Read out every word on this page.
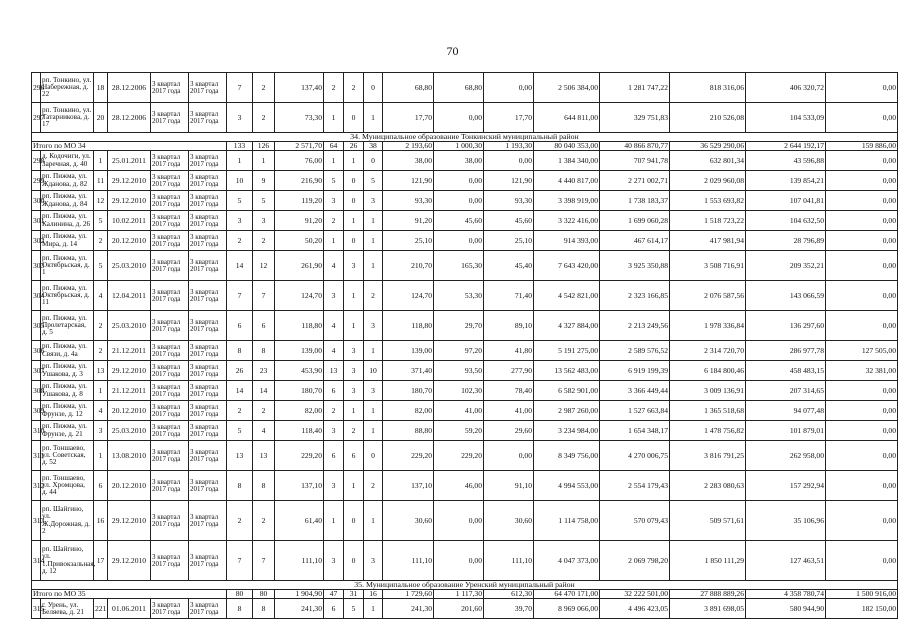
70
296	рп. Тонкино, ул. Набережная, д. 22	18	28.12.2006	3 квартал 2017 года	3 квартал 2017 года	7	2	137,40	2	2	0	68,80	68,80	0,00	2 506 384,00	1 281 747,22	818 316,06	406 320,72	0,00
297	рп. Тонкино, ул. Татарникова, д. 17	20	28.12.2006	3 квартал 2017 года	3 квартал 2017 года	3	2	73,30	1	0	1	17,70	0,00	17,70	644 811,00	329 751,83	210 526,08	104 533,09	0,00
34. Муниципальное образование Тонкинский муниципальный район																			
Итого по МО 34						133	126	2 571,70	64	26	38	2 193,60	1 000,30	1 193,30	80 040 353,00	40 866 870,77	36 529 290,06	2 644 192,17	159 886,00
298	д. Кодочиги, ул. Заречная, д. 40	1	25.01.2011	3 квартал 2017 года	3 квартал 2017 года	1	1	76,00	1	1	0	38,00	38,00	0,00	1 384 340,00	707 941,78	632 801,34	43 596,88	0,00
299	рп. Пижма, ул. Жданова, д. 82	11	29.12.2010	3 квартал 2017 года	3 квартал 2017 года	10	9	216,90	5	0	5	121,90	0,00	121,90	4 440 817,00	2 271 002,71	2 029 960,08	139 854,21	0,00
300	рп. Пижма, ул. Жданова, д. 84	12	29.12.2010	3 квартал 2017 года	3 квартал 2017 года	5	5	119,20	3	0	3	93,30	0,00	93,30	3 398 919,00	1 738 183,37	1 553 693,82	107 041,81	0,00
301	рп. Пижма, ул. Калинина, д. 26	5	10.02.2011	3 квартал 2017 года	3 квартал 2017 года	3	3	91,20	2	1	1	91,20	45,60	45,60	3 322 416,00	1 699 060,28	1 518 723,22	104 632,50	0,00
302	рп. Пижма, ул. Мира, д. 14	2	20.12.2010	3 квартал 2017 года	3 квартал 2017 года	2	2	50,20	1	0	1	25,10	0,00	25,10	914 393,00	467 614,17	417 981,94	28 796,89	0,00
303	рп. Пижма, ул. Октябрьская, д. 1	5	25.03.2010	3 квартал 2017 года	3 квартал 2017 года	14	12	261,90	4	3	1	210,70	165,30	45,40	7 643 420,00	3 925 350,88	3 508 716,91	209 352,21	0,00
304	рп. Пижма, ул. Октябрьская, д. 11	4	12.04.2011	3 квартал 2017 года	3 квартал 2017 года	7	7	124,70	3	1	2	124,70	53,30	71,40	4 542 821,00	2 323 166,85	2 076 587,56	143 066,59	0,00
305	рп. Пижма, ул. Пролетарская, д. 5	2	25.03.2010	3 квартал 2017 года	3 квартал 2017 года	6	6	118,80	4	1	3	118,80	29,70	89,10	4 327 884,00	2 213 249,56	1 978 336,84	136 297,60	0,00
306	рп. Пижма, ул. Связи, д. 4а	2	21.12.2011	3 квартал 2017 года	3 квартал 2017 года	8	8	139,00	4	3	1	139,00	97,20	41,80	5 191 275,00	2 589 576,52	2 314 720,70	286 977,78	127 505,00
307	рп. Пижма, ул. Ушакова, д. 3	13	29.12.2010	3 квартал 2017 года	3 квартал 2017 года	26	23	453,90	13	3	10	371,40	93,50	277,90	13 562 483,00	6 919 199,39	6 184 800,46	458 483,15	32 381,00
308	рп. Пижма, ул. Ушакова, д. 8	1	21.12.2011	3 квартал 2017 года	3 квартал 2017 года	14	14	180,70	6	3	3	180,70	102,30	78,40	6 582 901,00	3 366 449,44	3 009 136,91	207 314,65	0,00
309	рп. Пижма, ул. Фрунзе, д. 12	4	20.12.2010	3 квартал 2017 года	3 квартал 2017 года	2	2	82,00	2	1	1	82,00	41,00	41,00	2 987 260,00	1 527 663,84	1 365 518,68	94 077,48	0,00
310	рп. Пижма, ул. Фрунзе, д. 21	3	25.03.2010	3 квартал 2017 года	3 квартал 2017 года	5	4	118,40	3	2	1	88,80	59,20	29,60	3 234 984,00	1 654 348,17	1 478 756,82	101 879,01	0,00
311	рп. Тоншаево, ул. Советская, д. 52	1	13.08.2010	3 квартал 2017 года	3 квартал 2017 года	13	13	229,20	6	6	0	229,20	229,20	0,00	8 349 756,00	4 270 006,75	3 816 791,25	262 958,00	0,00
312	рп. Тоншаево, ул. Хромцова, д. 44	6	20.12.2010	3 квартал 2017 года	3 квартал 2017 года	8	8	137,10	3	1	2	137,10	46,00	91,10	4 994 553,00	2 554 179,43	2 283 080,63	157 292,94	0,00
313	рп. Шайгино, ул. Ж.Дорожная, д. 2	16	29.12.2010	3 квартал 2017 года	3 квартал 2017 года	2	2	61,40	1	0	1	30,60	0,00	30,60	1 114 758,00	570 079,43	509 571,61	35 106,96	0,00
314	рп. Шайгино, ул. 1.Привокзальная, д. 12	17	29.12.2010	3 квартал 2017 года	3 квартал 2017 года	7	7	111,10	3	0	3	111,10	0,00	111,10	4 047 373,00	2 069 798,20	1 850 111,29	127 463,51	0,00
35. Муниципальное образование Уренский муниципальный район																			
Итого по МО 35						80	80	1 904,90	47	31	16	1 729,60	1 117,30	612,30	64 470 171,00	32 222 501,00	27 888 889,26	4 358 780,74	1 500 916,00
315	г. Урень, ул. Беляева, д. 21	221	01.06.2011	3 квартал 2017 года	3 квартал 2017 года	8	8	241,30	6	5	1	241,30	201,60	39,70	8 969 066,00	4 496 423,05	3 891 698,05	580 944,90	182 150,00
